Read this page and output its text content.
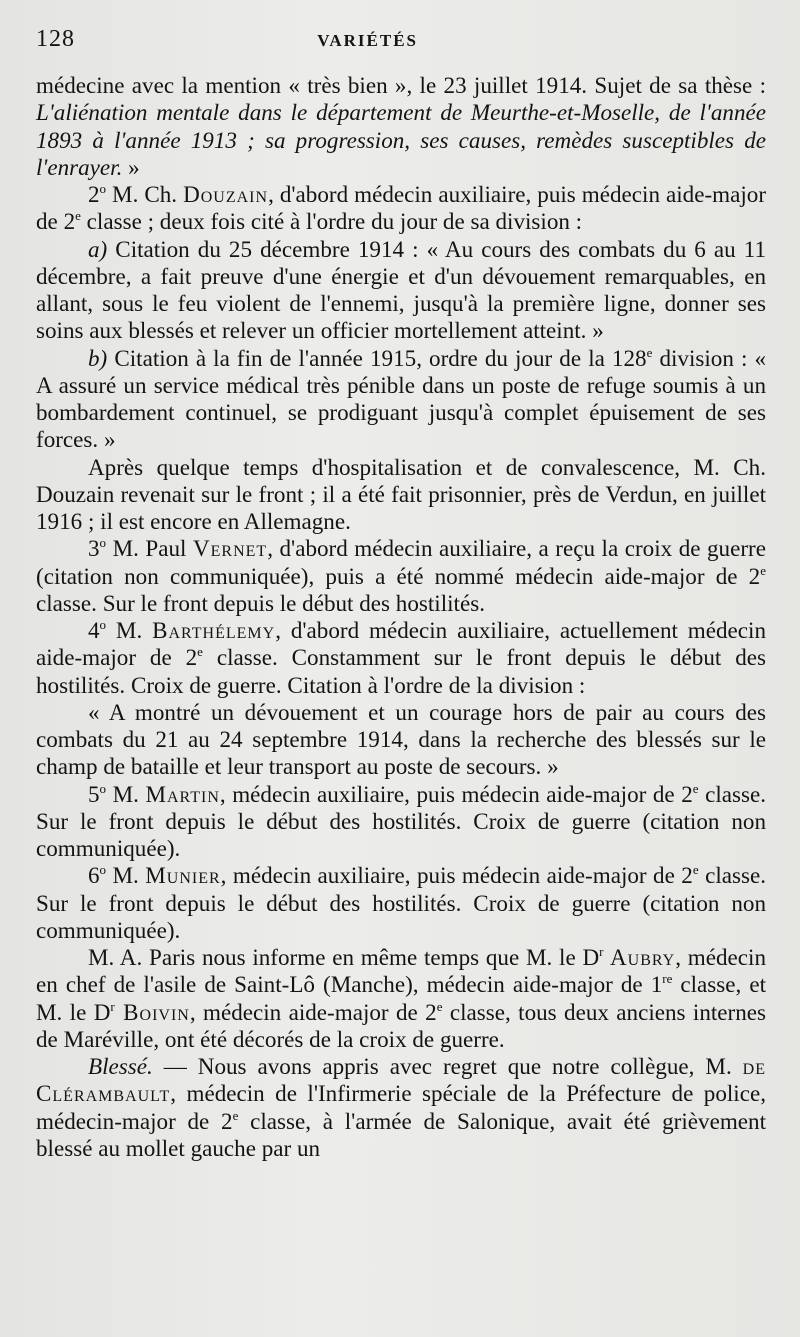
128	VARIÉTÉS

médecine avec la mention « très bien », le 23 juillet 1914. Sujet de sa thèse : L'aliénation mentale dans le département de Meurthe-et-Moselle, de l'année 1893 à l'année 1913 ; sa progression, ses causes, remèdes susceptibles de l'enrayer. »

2$^o$ M. Ch. Douzain, d'abord médecin auxiliaire, puis médecin aide-major de 2e classe ; deux fois cité à l'ordre du jour de sa division :

a) Citation du 25 décembre 1914 : « Au cours des combats du 6 au 11 décembre, a fait preuve d'une énergie et d'un dévouement remarquables, en allant, sous le feu violent de l'ennemi, jusqu'à la première ligne, donner ses soins aux blessés et relever un officier mortellement atteint. »

b) Citation à la fin de l'année 1915, ordre du jour de la 128e division : « A assuré un service médical très pénible dans un poste de refuge soumis à un bombardement continuel, se prodiguant jusqu'à complet épuisement de ses forces. »

Après quelque temps d'hospitalisation et de convalescence, M. Ch. Douzain revenait sur le front ; il a été fait prisonnier, près de Verdun, en juillet 1916 ; il est encore en Allemagne.

3$^o$ M. Paul Vernet, d'abord médecin auxiliaire, a reçu la croix de guerre (citation non communiquée), puis a été nommé médecin aide-major de 2e classe. Sur le front depuis le début des hostilités.

4$^o$ M. Barthélemy, d'abord médecin auxiliaire, actuellement médecin aide-major de 2e classe. Constamment sur le front depuis le début des hostilités. Croix de guerre. Citation à l'ordre de la division :

« A montré un dévouement et un courage hors de pair au cours des combats du 21 au 24 septembre 1914, dans la recherche des blessés sur le champ de bataille et leur transport au poste de secours. »

5$^o$ M. Martin, médecin auxiliaire, puis médecin aide-major de 2e classe. Sur le front depuis le début des hostilités. Croix de guerre (citation non communiquée).

6$^o$ M. Munier, médecin auxiliaire, puis médecin aide-major de 2e classe. Sur le front depuis le début des hostilités. Croix de guerre (citation non communiquée).

M. A. Paris nous informe en même temps que M. le $D^r$ Aubry, médecin en chef de l'asile de Saint-Lô (Manche), médecin aide-major de 1re classe, et M. le $D^r$ Boivin, médecin aide-major de 2e classe, tous deux anciens internes de Maréville, ont été décorés de la croix de guerre.

Blessé. — Nous avons appris avec regret que notre collègue, M. de Clérambault, médecin de l'Infirmerie spéciale de la Préfecture de police, médecin-major de 2e classe, à l'armée de Salonique, avait été grièvement blessé au mollet gauche par un
